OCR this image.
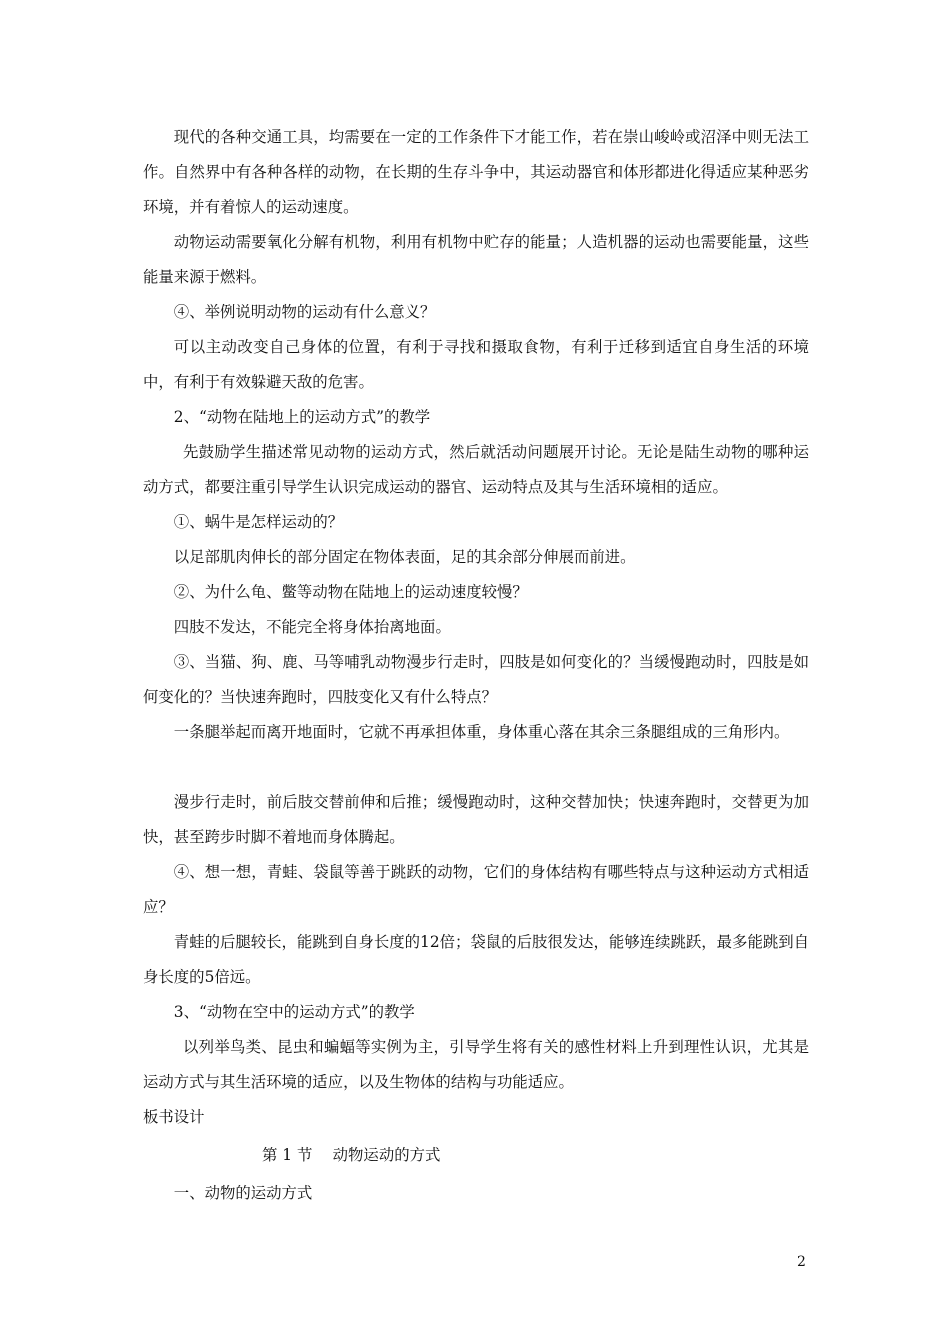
现代的各种交通工具，均需要在一定的工作条件下才能工作，若在崇山峻岭或沼泽中则无法工作。自然界中有各种各样的动物，在长期的生存斗争中，其运动器官和体形都进化得适应某种恶劣环境，并有着惊人的运动速度。

动物运动需要氧化分解有机物，利用有机物中贮存的能量；人造机器的运动也需要能量，这些能量来源于燃料。

④、举例说明动物的运动有什么意义？

可以主动改变自己身体的位置，有利于寻找和摄取食物，有利于迁移到适宜自身生活的环境中，有利于有效躲避天敌的危害。

2、“动物在陆地上的运动方式”的教学

先鼓励学生描述常见动物的运动方式，然后就活动问题展开讨论。无论是陆生动物的哪种运动方式，都要注重引导学生认识完成运动的器官、运动特点及其与生活环境相的适应。

①、蜗牛是怎样运动的？

以足部肌肉伸长的部分固定在物体表面，足的其余部分伸展而前进。

②、为什么龟、鳖等动物在陆地上的运动速度较慢？

四肢不发达，不能完全将身体抬离地面。

③、当猫、狗、鹿、马等哺乳动物漫步行走时，四肢是如何变化的？当缓慢跑动时，四肢是如何变化的？当快速奔跑时，四肢变化又有什么特点？

一条腿举起而离开地面时，它就不再承担体重，身体重心落在其余三条腿组成的三角形内。

漫步行走时，前后肢交替前伸和后推；缓慢跑动时，这种交替加快；快速奔跑时，交替更为加快，甚至跨步时脚不着地而身体腾起。

④、想一想，青蛙、袋鼠等善于跳跃的动物，它们的身体结构有哪些特点与这种运动方式相适应？

青蛙的后腿较长，能跳到自身长度的12倍；袋鼠的后肢很发达，能够连续跳跃，最多能跳到自身长度的5倍远。

3、“动物在空中的运动方式”的教学

以列举鸟类、昆虫和蝙蝠等实例为主，引导学生将有关的感性材料上升到理性认识，尤其是运动方式与其生活环境的适应，以及生物体的结构与功能适应。

板书设计

第 1 节　 动物运动的方式

一、动物的运动方式

2
